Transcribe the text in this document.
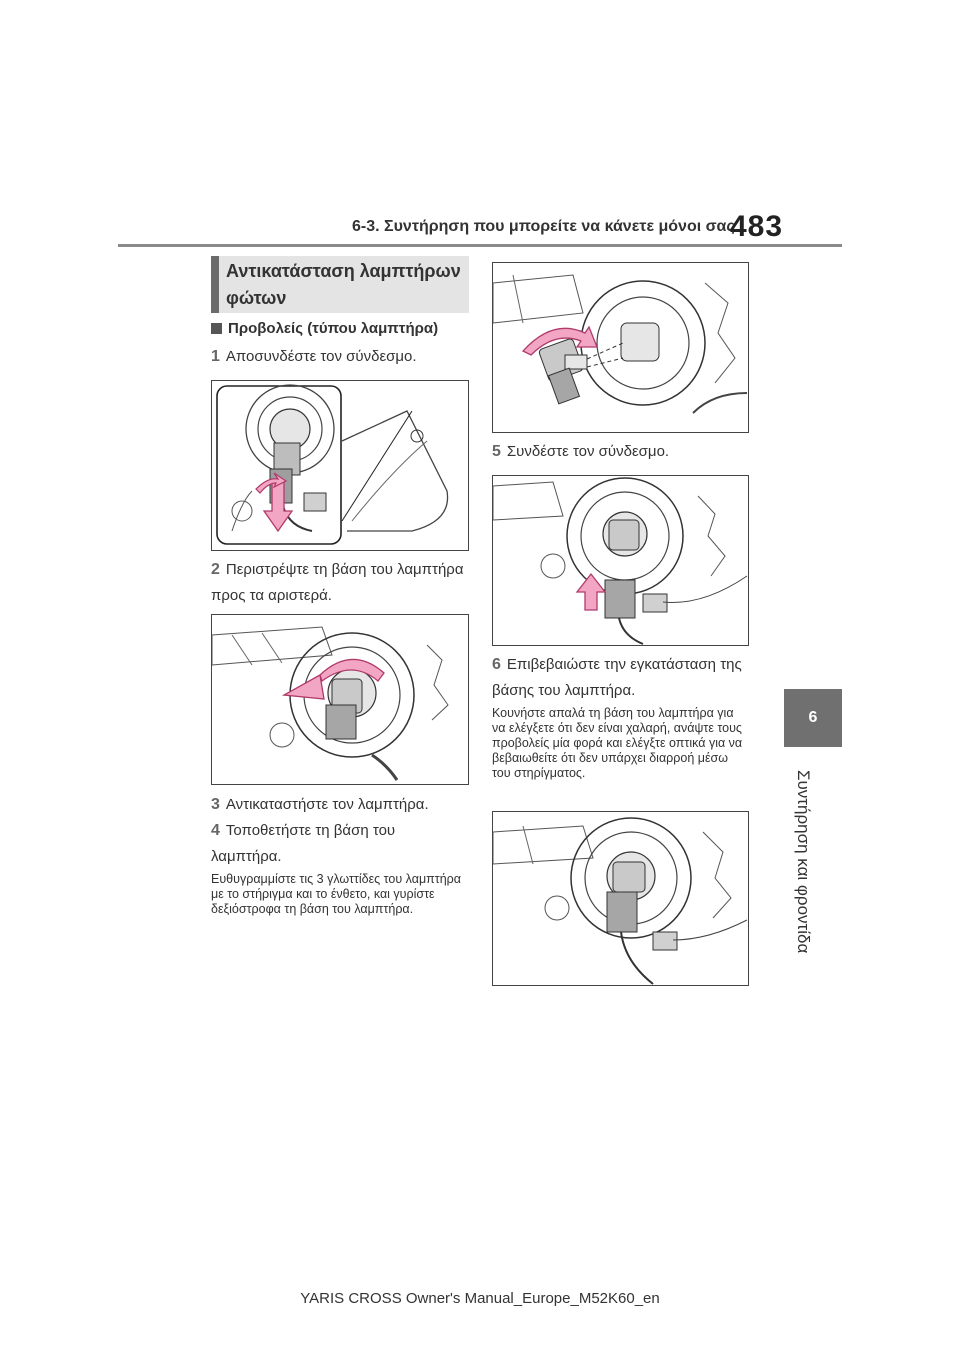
6-3. Συντήρηση που μπορείτε να κάνετε μόνοι σας
483
6
Συντήρηση και φροντίδα
Αντικατάσταση λαμπτήρων φώτων
Προβολείς (τύπου λαμπτήρα)
1 Αποσυνδέστε τον σύνδεσμο.
2 Περιστρέψτε τη βάση του λαμπτήρα προς τα αριστερά.
3 Αντικαταστήστε τον λαμπτήρα.
4 Τοποθετήστε τη βάση του λαμπτήρα.
Ευθυγραμμίστε τις 3 γλωττίδες του λαμπτήρα με το στήριγμα και το ένθετο, και γυρίστε δεξιόστροφα τη βάση του λαμπτήρα.
5 Συνδέστε τον σύνδεσμο.
6 Επιβεβαιώστε την εγκατάσταση της βάσης του λαμπτήρα.
Κουνήστε απαλά τη βάση του λαμπτήρα για να ελέγξετε ότι δεν είναι χαλαρή, ανάψτε τους προβολείς μία φορά και ελέγξτε οπτικά για να βεβαιωθείτε ότι δεν υπάρχει διαρροή μέσω του στηρίγματος.
YARIS CROSS Owner's Manual_Europe_M52K60_en
